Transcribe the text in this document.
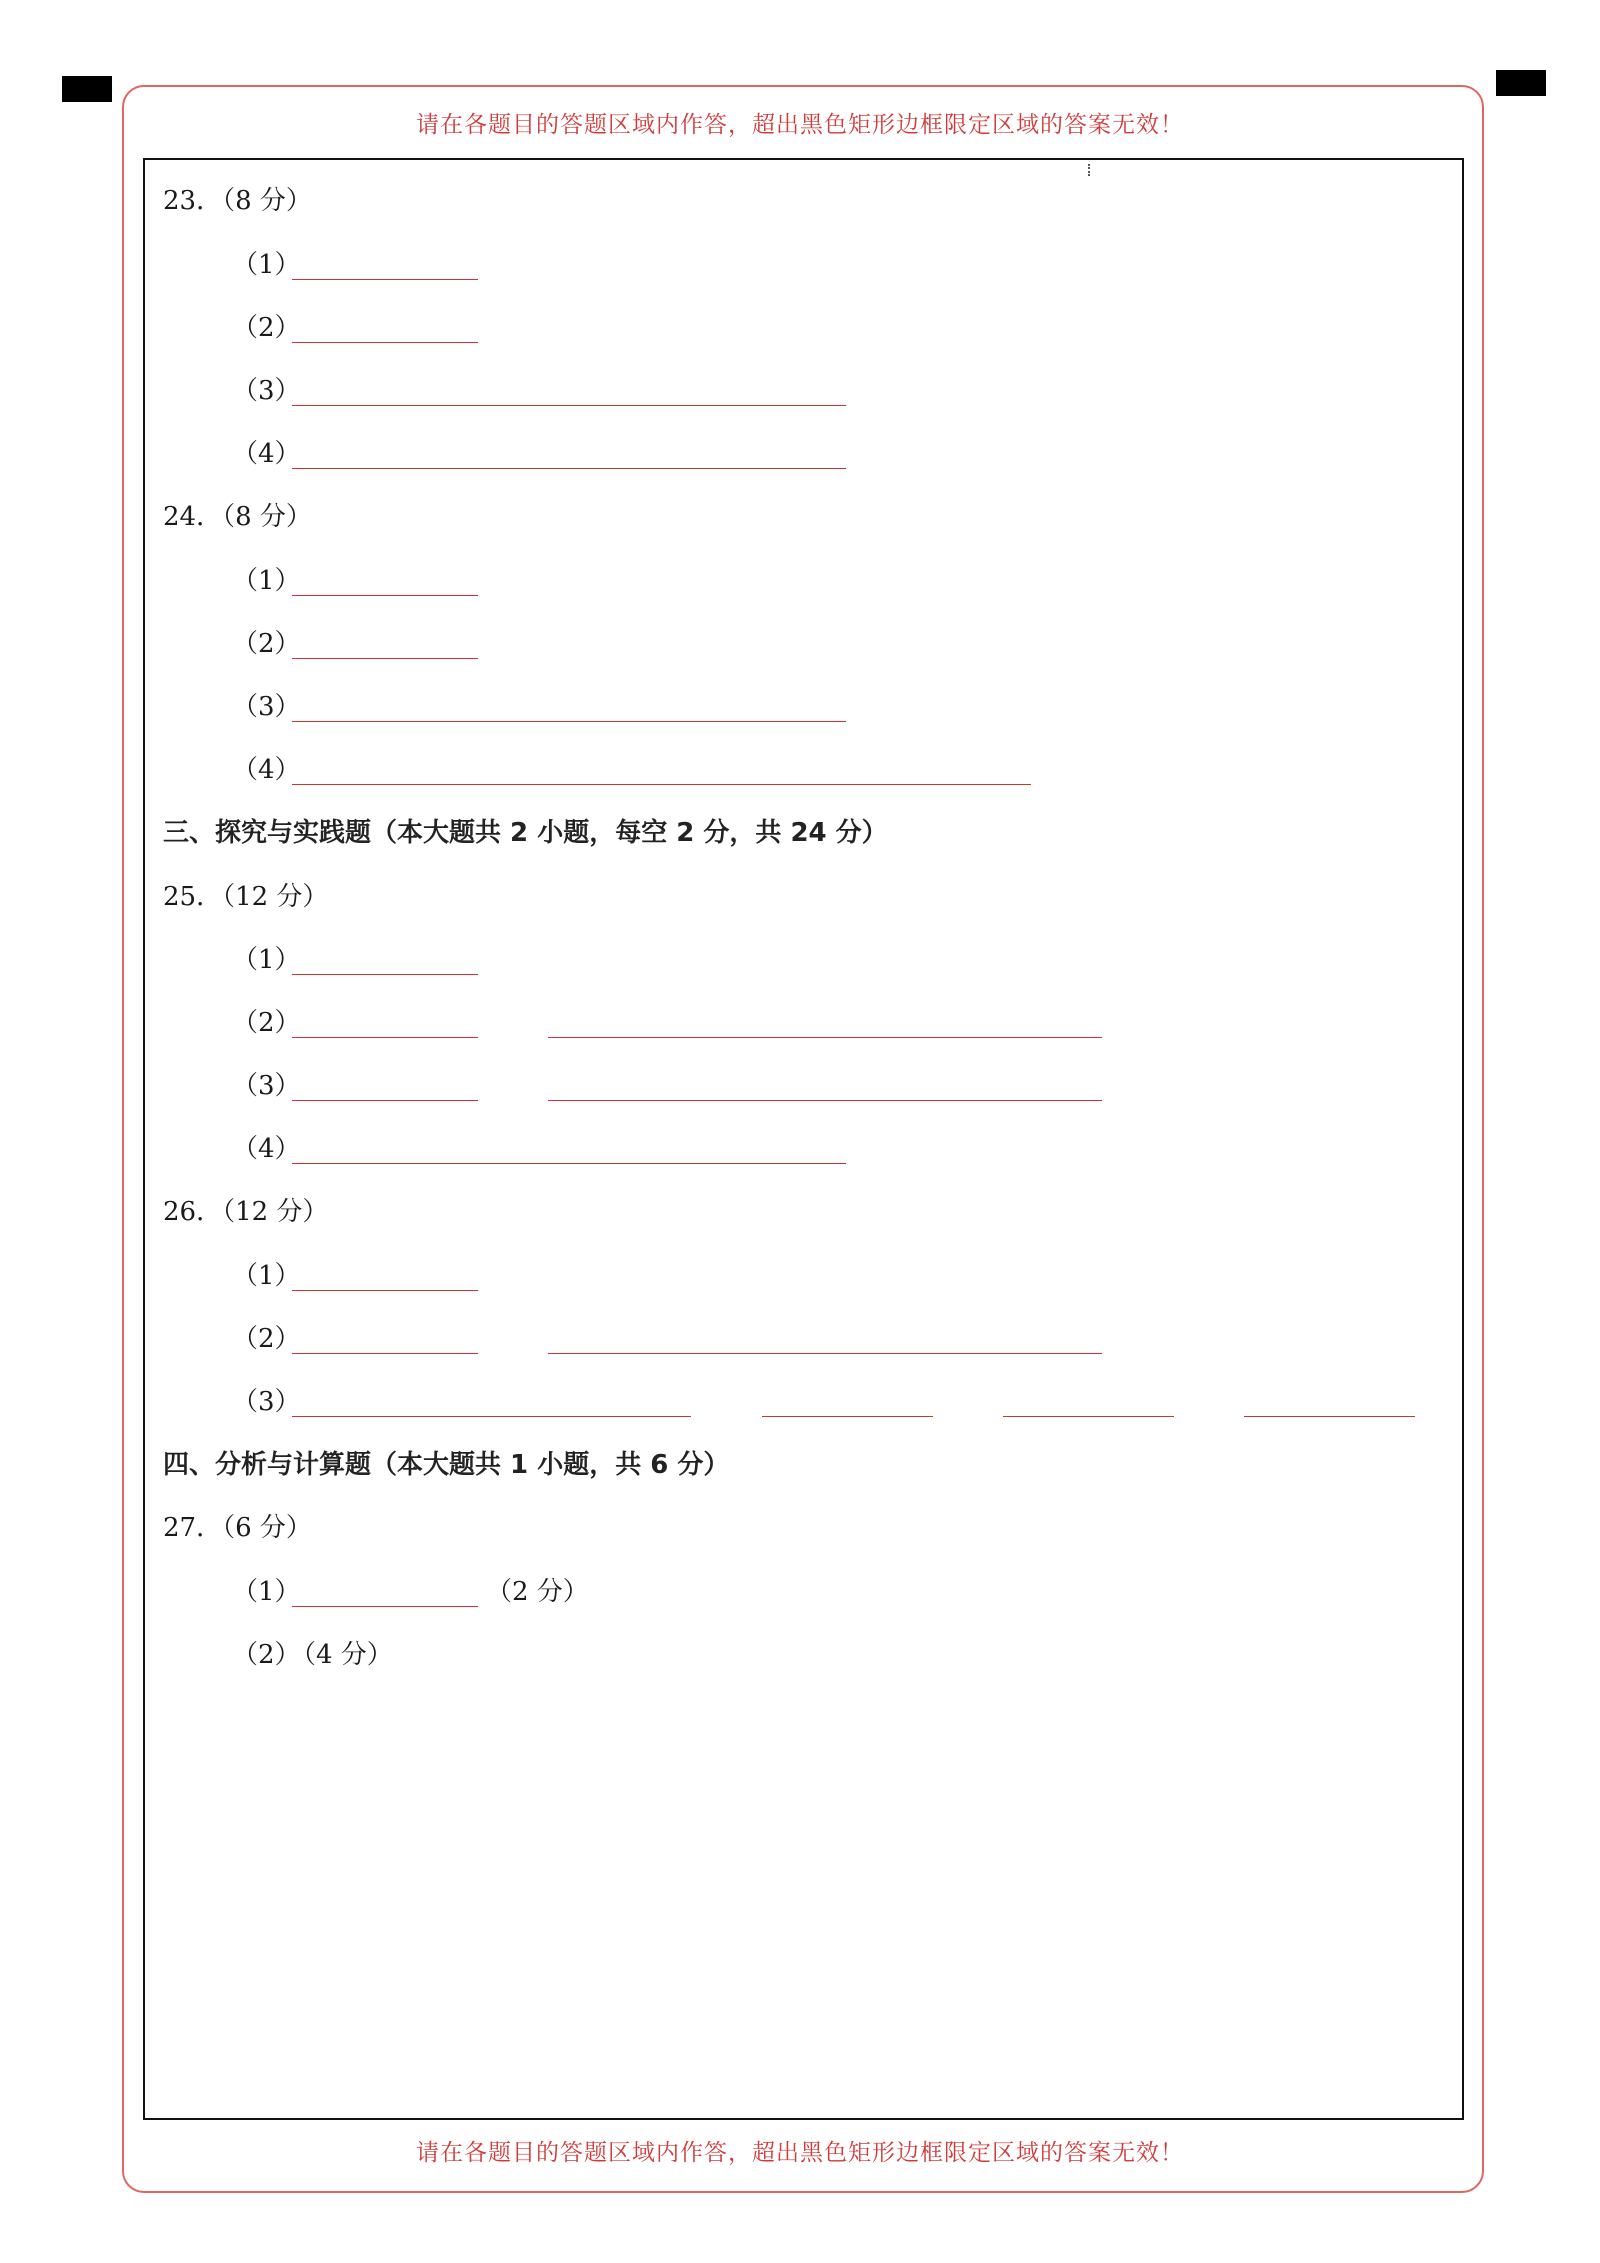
请在各题目的答题区域内作答，超出黑色矩形边框限定区域的答案无效！
23．（8 分）
（1）
（2）
（3）
（4）
24．（8 分）
（1）
（2）
（3）
（4）
三、探究与实践题（本大题共 2 小题，每空 2 分，共 24 分）
25．（12 分）
（1）
（2）
（3）
（4）
26．（12 分）
（1）
（2）
（3）
四、分析与计算题（本大题共 1 小题，共 6 分）
27．（6 分）
（1）	（2 分）
（2）
（4 分）
请在各题目的答题区域内作答，超出黑色矩形边框限定区域的答案无效！
